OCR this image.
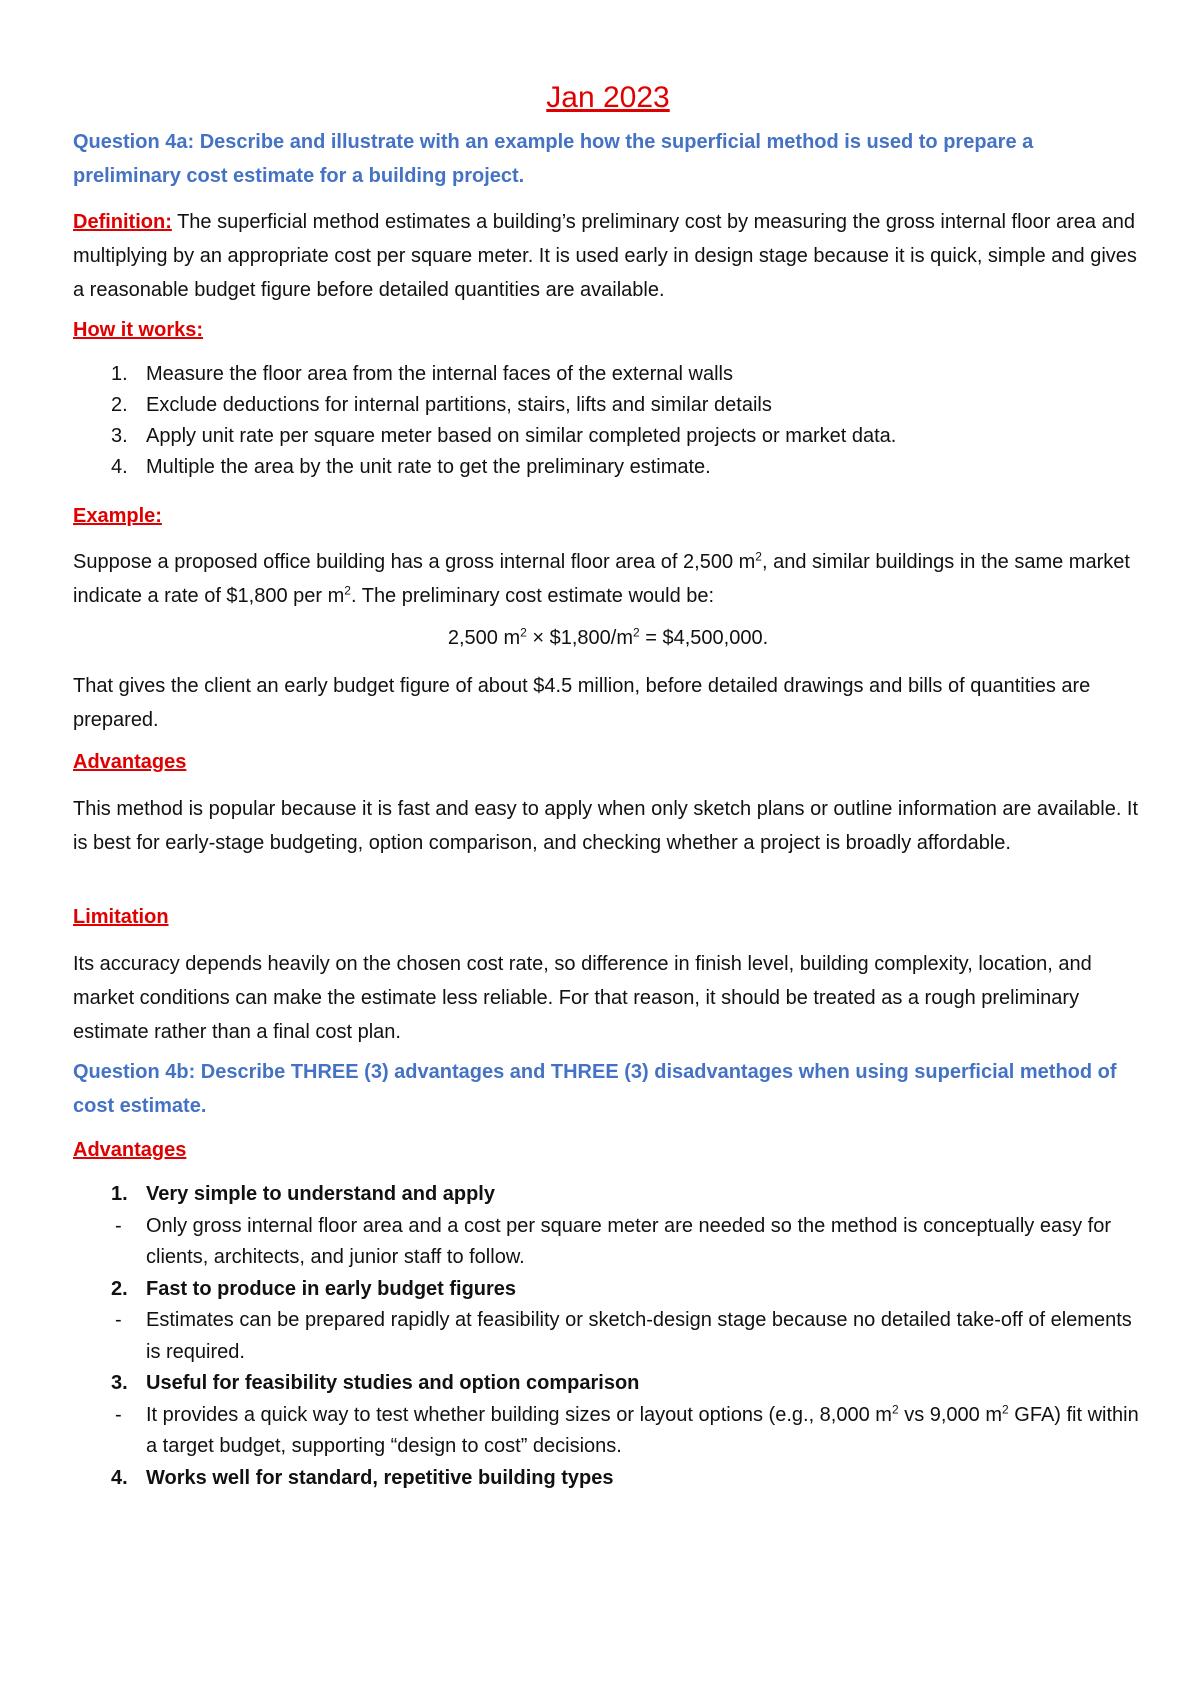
Jan 2023

Question 4a: Describe and illustrate with an example how the superficial method is used to prepare a preliminary cost estimate for a building project.

Definition: The superficial method estimates a building’s preliminary cost by measuring the gross internal floor area and multiplying by an appropriate cost per square meter. It is used early in design stage because it is quick, simple and gives a reasonable budget figure before detailed quantities are available.

How it works:

1. Measure the floor area from the internal faces of the external walls
2. Exclude deductions for internal partitions, stairs, lifts and similar details
3. Apply unit rate per square meter based on similar completed projects or market data.
4. Multiple the area by the unit rate to get the preliminary estimate.

Example:

Suppose a proposed office building has a gross internal floor area of 2,500 $m^2$, and similar buildings in the same market indicate a rate of $1,800 per $m^2$. The preliminary cost estimate would be:

2,500 $m^2$ × $\$1,800/m^2$ = $4,500,000.

That gives the client an early budget figure of about $4.5 million, before detailed drawings and bills of quantities are prepared.

Advantages

This method is popular because it is fast and easy to apply when only sketch plans or outline information are available. It is best for early-stage budgeting, option comparison, and checking whether a project is broadly affordable.

Limitation

Its accuracy depends heavily on the chosen cost rate, so difference in finish level, building complexity, location, and market conditions can make the estimate less reliable. For that reason, it should be treated as a rough preliminary estimate rather than a final cost plan.

Question 4b: Describe THREE (3) advantages and THREE (3) disadvantages when using superficial method of cost estimate.

Advantages

1. Very simple to understand and apply

- Only gross internal floor area and a cost per square meter are needed so the method is conceptually easy for clients, architects, and junior staff to follow.

2. Fast to produce in early budget figures

- Estimates can be prepared rapidly at feasibility or sketch-design stage because no detailed take-off of elements is required.

3. Useful for feasibility studies and option comparison

- It provides a quick way to test whether building sizes or layout options (e.g., 8,000 $m^2$ vs 9,000 $m^2$ GFA) fit within a target budget, supporting “design to cost” decisions.

4. Works well for standard, repetitive building types
